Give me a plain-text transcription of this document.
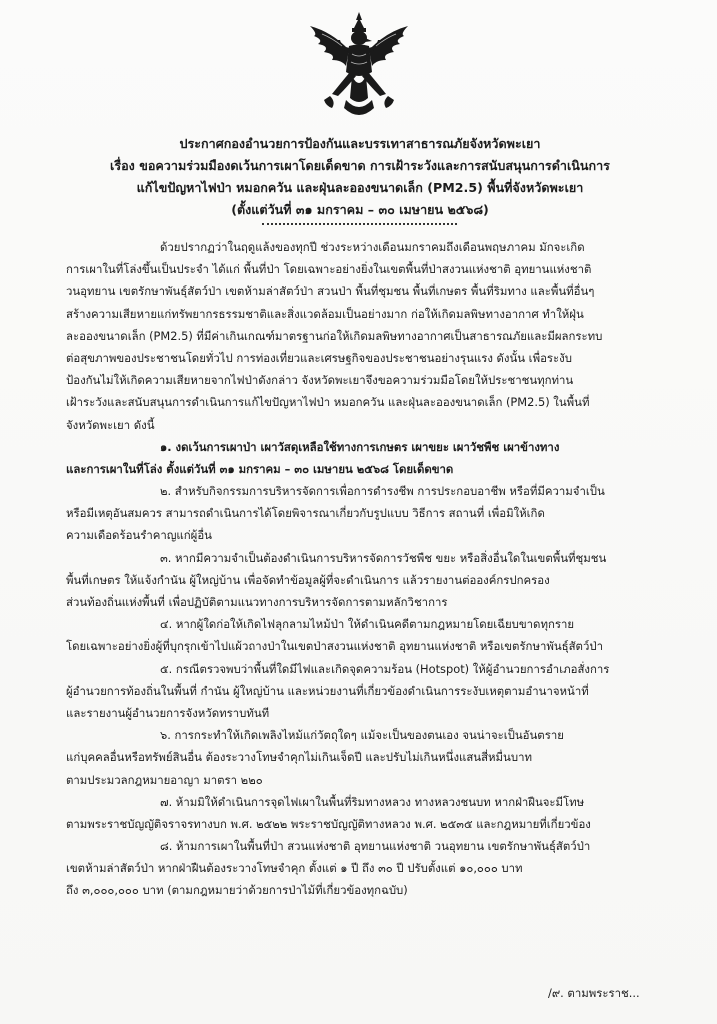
ประกาศกองอำนวยการป้องกันและบรรเทาสาธารณภัยจังหวัดพะเยา
เรื่อง ขอความร่วมมืองดเว้นการเผาโดยเด็ดขาด การเฝ้าระวังและการสนับสนุนการดำเนินการ
แก้ไขปัญหาไฟป่า หมอกควัน และฝุ่นละอองขนาดเล็ก (PM2.5) พื้นที่จังหวัดพะเยา
(ตั้งแต่วันที่ ๓๑ มกราคม – ๓๐ เมษายน ๒๕๖๘)
ด้วยปรากฏว่าในฤดูแล้งของทุกปี ช่วงระหว่างเดือนมกราคมถึงเดือนพฤษภาคม มักจะเกิด
การเผาในที่โล่งขึ้นเป็นประจำ ได้แก่ พื้นที่ป่า โดยเฉพาะอย่างยิ่งในเขตพื้นที่ป่าสงวนแห่งชาติ อุทยานแห่งชาติ
วนอุทยาน เขตรักษาพันธุ์สัตว์ป่า เขตห้ามล่าสัตว์ป่า สวนป่า พื้นที่ชุมชน พื้นที่เกษตร พื้นที่ริมทาง และพื้นที่อื่นๆ
สร้างความเสียหายแก่ทรัพยากรธรรมชาติและสิ่งแวดล้อมเป็นอย่างมาก ก่อให้เกิดมลพิษทางอากาศ ทำให้ฝุ่น
ละอองขนาดเล็ก (PM2.5) ที่มีค่าเกินเกณฑ์มาตรฐานก่อให้เกิดมลพิษทางอากาศเป็นสาธารณภัยและมีผลกระทบ
ต่อสุขภาพของประชาชนโดยทั่วไป การท่องเที่ยวและเศรษฐกิจของประชาชนอย่างรุนแรง ดังนั้น เพื่อระงับ
ป้องกันไม่ให้เกิดความเสียหายจากไฟป่าดังกล่าว จังหวัดพะเยาจึงขอความร่วมมือโดยให้ประชาชนทุกท่าน
เฝ้าระวังและสนับสนุนการดำเนินการแก้ไขปัญหาไฟป่า หมอกควัน และฝุ่นละอองขนาดเล็ก (PM2.5) ในพื้นที่
จังหวัดพะเยา ดังนี้
๑. งดเว้นการเผาป่า เผาวัสดุเหลือใช้ทางการเกษตร เผาขยะ เผาวัชพืช เผาข้างทาง
และการเผาในที่โล่ง ตั้งแต่วันที่ ๓๑ มกราคม – ๓๐ เมษายน ๒๕๖๘ โดยเด็ดขาด
๒. สำหรับกิจกรรมการบริหารจัดการเพื่อการดำรงชีพ การประกอบอาชีพ หรือที่มีความจำเป็น
หรือมีเหตุอันสมควร สามารถดำเนินการได้โดยพิจารณาเกี่ยวกับรูปแบบ วิธีการ สถานที่ เพื่อมิให้เกิด
ความเดือดร้อนรำคาญแก่ผู้อื่น
๓. หากมีความจำเป็นต้องดำเนินการบริหารจัดการวัชพืช ขยะ หรือสิ่งอื่นใดในเขตพื้นที่ชุมชน
พื้นที่เกษตร ให้แจ้งกำนัน ผู้ใหญ่บ้าน เพื่อจัดทำข้อมูลผู้ที่จะดำเนินการ แล้วรายงานต่อองค์กรปกครอง
ส่วนท้องถิ่นแห่งพื้นที่ เพื่อปฏิบัติตามแนวทางการบริหารจัดการตามหลักวิชาการ
๔. หากผู้ใดก่อให้เกิดไฟลุกลามไหม้ป่า ให้ดำเนินคดีตามกฎหมายโดยเฉียบขาดทุกราย
โดยเฉพาะอย่างยิ่งผู้ที่บุกรุกเข้าไปแผ้วถางป่าในเขตป่าสงวนแห่งชาติ อุทยานแห่งชาติ หรือเขตรักษาพันธุ์สัตว์ป่า
๕. กรณีตรวจพบว่าพื้นที่ใดมีไฟและเกิดจุดความร้อน (Hotspot) ให้ผู้อำนวยการอำเภอสั่งการ
ผู้อำนวยการท้องถิ่นในพื้นที่ กำนัน ผู้ใหญ่บ้าน และหน่วยงานที่เกี่ยวข้องดำเนินการระงับเหตุตามอำนาจหน้าที่
และรายงานผู้อำนวยการจังหวัดทราบทันที
๖. การกระทำให้เกิดเพลิงไหม้แก่วัตถุใดๆ แม้จะเป็นของตนเอง จนน่าจะเป็นอันตราย
แก่บุคคลอื่นหรือทรัพย์สินอื่น ต้องระวางโทษจำคุกไม่เกินเจ็ดปี และปรับไม่เกินหนึ่งแสนสี่หมื่นบาท
ตามประมวลกฎหมายอาญา มาตรา ๒๒๐
๗. ห้ามมิให้ดำเนินการจุดไฟเผาในพื้นที่ริมทางหลวง ทางหลวงชนบท หากฝ่าฝืนจะมีโทษ
ตามพระราชบัญญัติจราจรทางบก พ.ศ. ๒๕๒๒ พระราชบัญญัติทางหลวง พ.ศ. ๒๕๓๕ และกฎหมายที่เกี่ยวข้อง
๘. ห้ามการเผาในพื้นที่ป่า สวนแห่งชาติ อุทยานแห่งชาติ วนอุทยาน เขตรักษาพันธุ์สัตว์ป่า
เขตห้ามล่าสัตว์ป่า หากฝ่าฝืนต้องระวางโทษจำคุก ตั้งแต่ ๑ ปี ถึง ๓๐ ปี ปรับตั้งแต่ ๑๐,๐๐๐ บาท
ถึง ๓,๐๐๐,๐๐๐ บาท (ตามกฎหมายว่าด้วยการป่าไม้ที่เกี่ยวข้องทุกฉบับ)
/๙. ตามพระราช...
